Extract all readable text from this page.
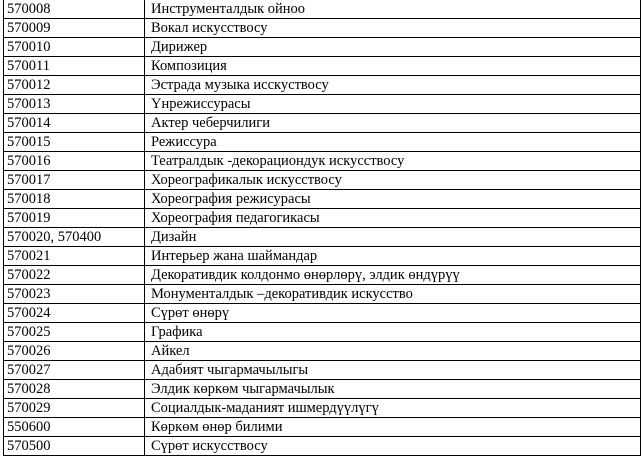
570008	Инструменталдык ойноо
570009	Вокал искусствосу
570010	Дирижер
570011	Композиция
570012	Эстрада музыка исскуствосу
570013	Үнрежиссурасы
570014	Актер чеберчилиги
570015	Режиссура
570016	Театралдык -декорациондук искусствосу
570017	Хореографикалык искусствосу
570018	Хореография режисурасы
570019	Хореография педагогикасы
570020, 570400	Дизайн
570021	Интерьер жана шаймандар
570022	Декоративдик колдонмо өнөрлөрү, элдик өндүрүү
570023	Монументалдык –декоративдик искусство
570024	Сүрөт өнөрү
570025	Графика
570026	Айкел
570027	Адабият чыгармачылыгы
570028	Элдик көркөм чыгармачылык
570029	Социалдык-маданият ишмердүүлүгү
550600	Көркөм өнөр билими
570500	Сүрөт искусствосу
